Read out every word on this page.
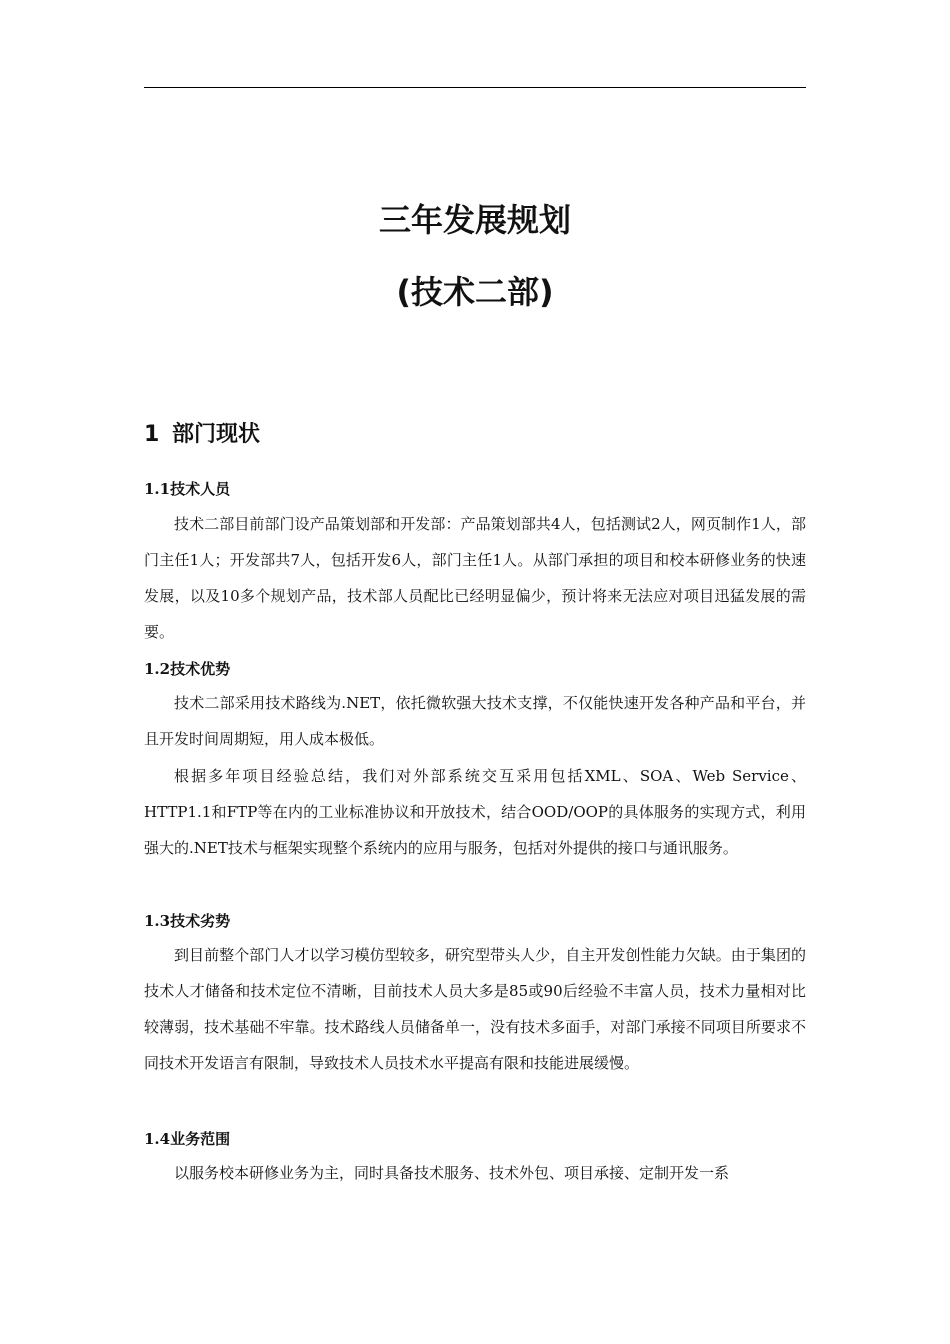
三年发展规划
(技术二部)
1 部门现状
1.1技术人员

技术二部目前部门设产品策划部和开发部：产品策划部共4人，包括测试2人，网页制作1人，部门主任1人；开发部共7人，包括开发6人，部门主任1人。从部门承担的项目和校本研修业务的快速发展，以及10多个规划产品，技术部人员配比已经明显偏少，预计将来无法应对项目迅猛发展的需要。

1.2技术优势

技术二部采用技术路线为.NET，依托微软强大技术支撑，不仅能快速开发各种产品和平台，并且开发时间周期短，用人成本极低。

根据多年项目经验总结，我们对外部系统交互采用包括XML、SOA、Web Service、HTTP1.1和FTP等在内的工业标准协议和开放技术，结合OOD/OOP的具体服务的实现方式，利用强大的.NET技术与框架实现整个系统内的应用与服务，包括对外提供的接口与通讯服务。

1.3技术劣势

到目前整个部门人才以学习模仿型较多，研究型带头人少，自主开发创性能力欠缺。由于集团的技术人才储备和技术定位不清晰，目前技术人员大多是85或90后经验不丰富人员，技术力量相对比较薄弱，技术基础不牢靠。技术路线人员储备单一，没有技术多面手，对部门承接不同项目所要求不同技术开发语言有限制，导致技术人员技术水平提高有限和技能进展缓慢。

1.4业务范围

以服务校本研修业务为主，同时具备技术服务、技术外包、项目承接、定制开发一系
